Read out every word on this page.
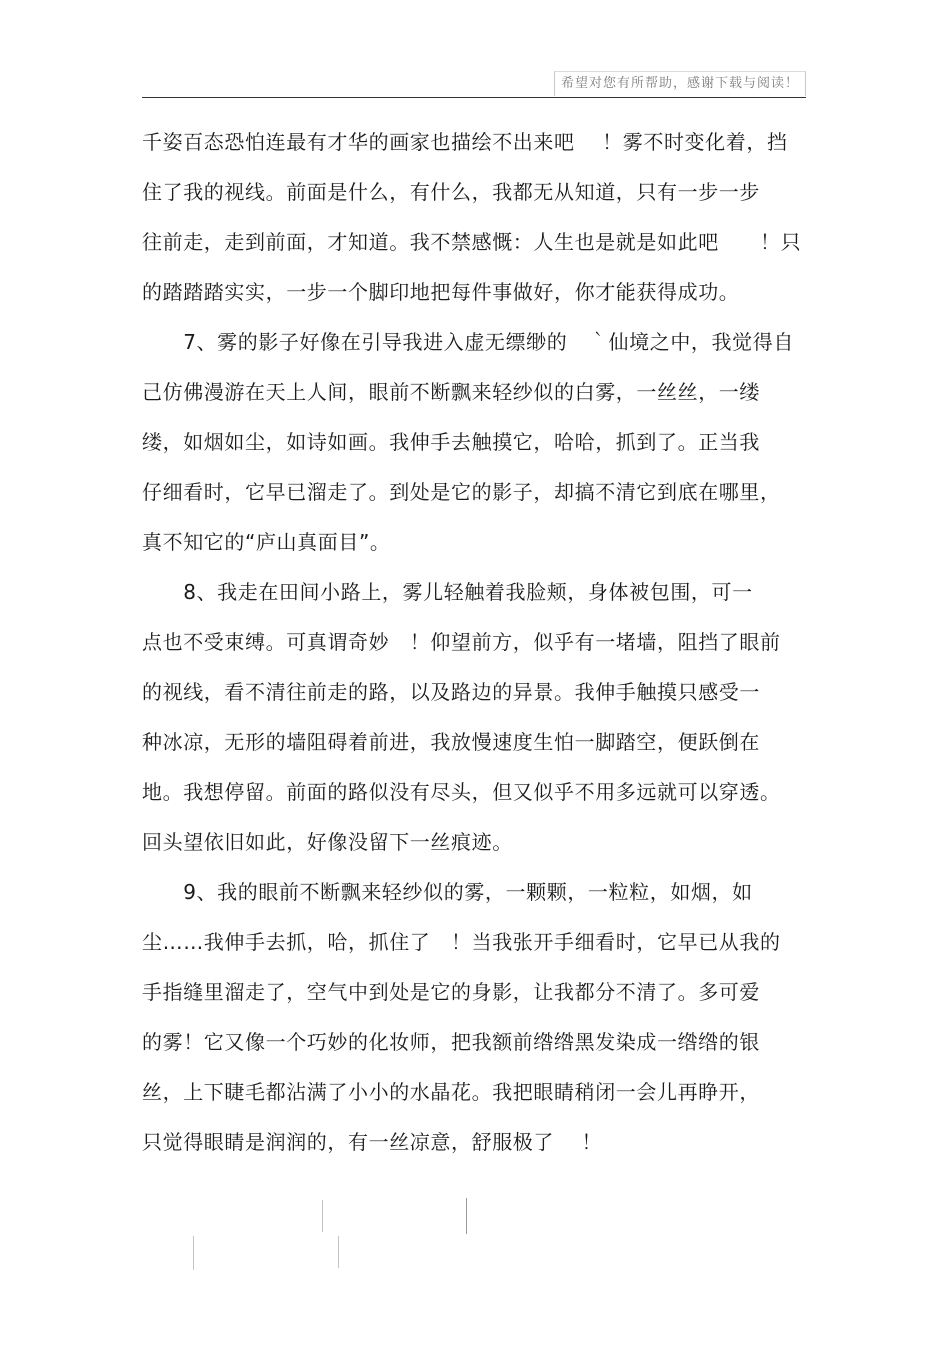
希望对您有所帮助，感谢下载与阅读！
千姿百态恐怕连最有才华的画家也描绘不出来吧　 ！雾不时变化着，挡
住了我的视线。前面是什么，有什么，我都无从知道，只有一步一步
往前走，走到前面，才知道。我不禁感慨：人生也是就是如此吧　　！只
的踏踏踏实实，一步一个脚印地把每件事做好，你才能获得成功。
　　7、雾的影子好像在引导我进入虚无缥缈的　｀仙境之中，我觉得自
己仿佛漫游在天上人间，眼前不断飘来轻纱似的白雾，一丝丝，一缕
缕，如烟如尘，如诗如画。我伸手去触摸它，哈哈，抓到了。正当我
仔细看时，它早已溜走了。到处是它的影子，却搞不清它到底在哪里，
真不知它的“庐山真面目”。
　　8、我走在田间小路上，雾儿轻触着我脸颊，身体被包围，可一
点也不受束缚。可真谓奇妙　！仰望前方，似乎有一堵墙，阻挡了眼前
的视线，看不清往前走的路，以及路边的异景。我伸手触摸只感受一
种冰凉，无形的墙阻碍着前进，我放慢速度生怕一脚踏空，便跃倒在
地。我想停留。前面的路似没有尽头，但又似乎不用多远就可以穿透。
回头望依旧如此，好像没留下一丝痕迹。
　　9、我的眼前不断飘来轻纱似的雾，一颗颗，一粒粒，如烟，如
尘……我伸手去抓，哈，抓住了　！当我张开手细看时，它早已从我的
手指缝里溜走了，空气中到处是它的身影，让我都分不清了。多可爱
的雾！它又像一个巧妙的化妆师，把我额前绺绺黑发染成一绺绺的银
丝，上下睫毛都沾满了小小的水晶花。我把眼睛稍闭一会儿再睁开，
只觉得眼睛是润润的，有一丝凉意，舒服极了　 ！
